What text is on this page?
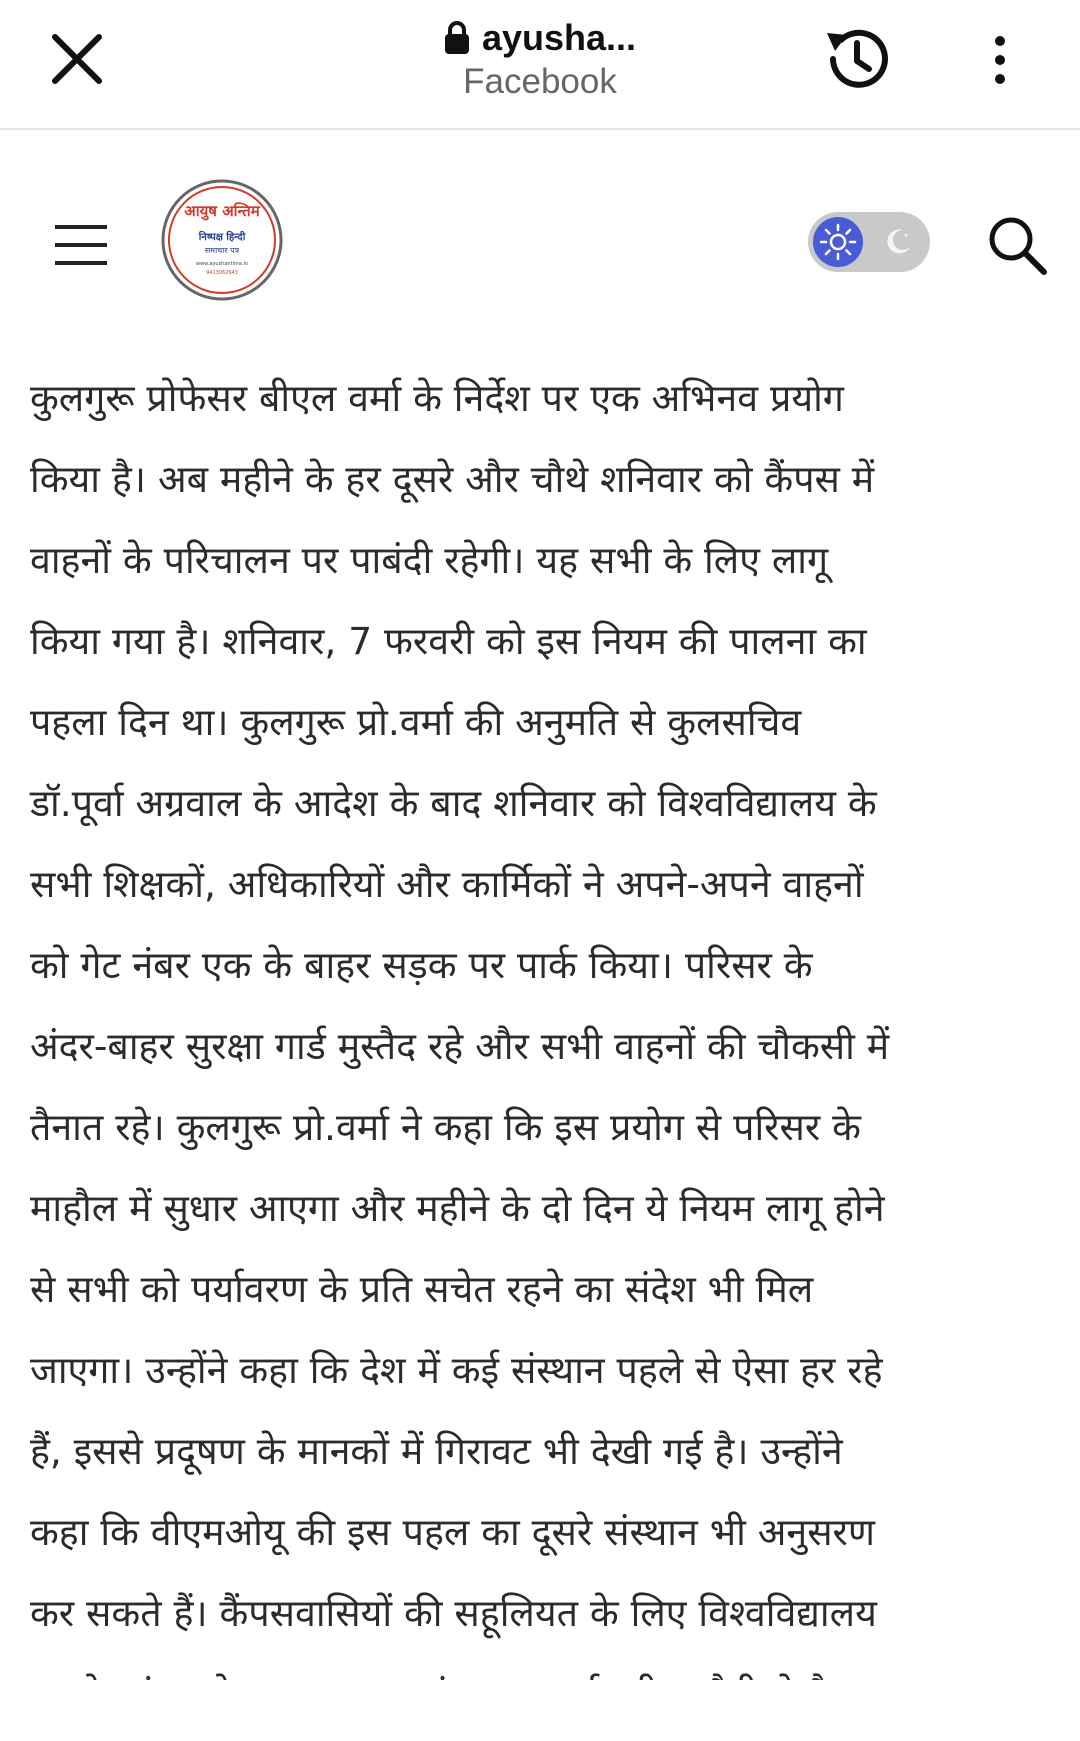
ayusha...
Facebook
आयुष अन्तिम
निष्पक्ष हिन्दी
समाचार पत्र
www.ayushantima.in
9413062643
कुलगुरू प्रोफेसर बीएल वर्मा के निर्देश पर एक अभिनव प्रयोग
किया है। अब महीने के हर दूसरे और चौथे शनिवार को कैंपस में
वाहनों के परिचालन पर पाबंदी रहेगी। यह सभी के लिए लागू
किया गया है। शनिवार, 7 फरवरी को इस नियम की पालना का
पहला दिन था। कुलगुरू प्रो.वर्मा की अनुमति से कुलसचिव
डॉ.पूर्वा अग्रवाल के आदेश के बाद शनिवार को विश्वविद्यालय के
सभी शिक्षकों, अधिकारियों और कार्मिकों ने अपने-अपने वाहनों
को गेट नंबर एक के बाहर सड़क पर पार्क किया। परिसर के
अंदर-बाहर सुरक्षा गार्ड मुस्तैद रहे और सभी वाहनों की चौकसी में
तैनात रहे। कुलगुरू प्रो.वर्मा ने कहा कि इस प्रयोग से परिसर के
माहौल में सुधार आएगा और महीने के दो दिन ये नियम लागू होने
से सभी को पर्यावरण के प्रति सचेत रहने का संदेश भी मिल
जाएगा। उन्होंने कहा कि देश में कई संस्थान पहले से ऐसा हर रहे
हैं, इससे प्रदूषण के मानकों में गिरावट भी देखी गई है। उन्होंने
कहा कि वीएमओयू की इस पहल का दूसरे संस्थान भी अनुसरण
कर सकते हैं। कैंपसवासियों की सहूलियत के लिए विश्वविद्यालय
